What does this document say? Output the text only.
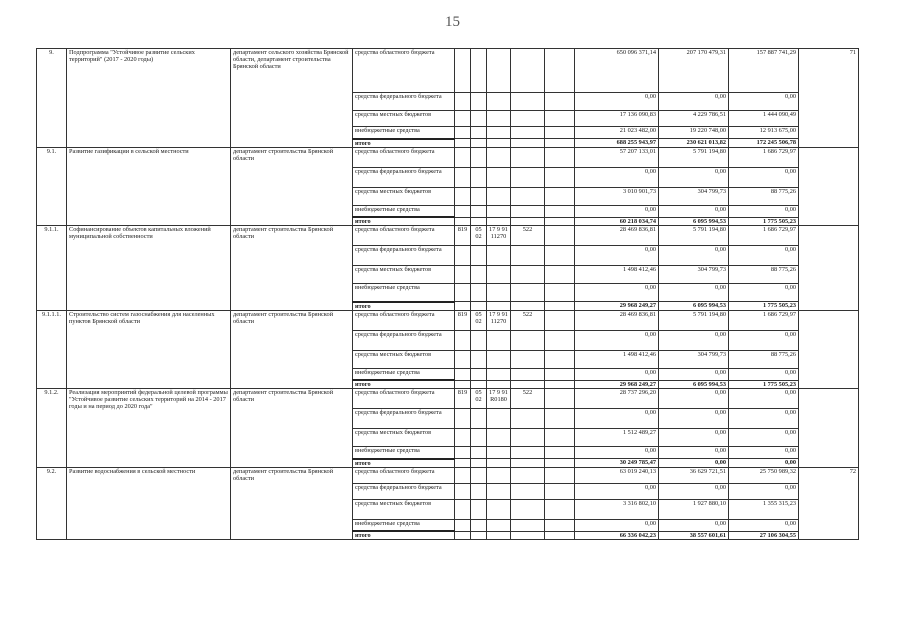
15
9.	Подпрограмма "Устойчивое развитие сельских территорий" (2017 - 2020 годы)	департамент сельского хозяйства Брянской области, департамент строительства Брянской области	средства областного бюджета						650 096 371,14	207 170 479,31	157 887 741,29	71
			средства федерального бюджета						0,00	0,00	0,00	
			средства местных бюджетов						17 136 090,83	4 229 786,51	1 444 090,49	
			внебюджетные средства						21 023 482,00	19 220 748,00	12 913 675,00	
			итого						688 255 943,97	230 621 013,82	172 245 506,78	
9.1.	Развитие газификации в сельской местности	департамент строительства Брянской области	средства областного бюджета						57 207 133,01	5 791 194,80	1 686 729,97	
			средства федерального бюджета						0,00	0,00	0,00	
			средства местных бюджетов						3 010 901,73	304 799,73	88 775,26	
			внебюджетные средства						0,00	0,00	0,00	
			итого						60 218 034,74	6 095 994,53	1 775 505,23	
9.1.1.	Софинансирование объектов капитальных вложений муниципальной собственности	департамент строительства Брянской области	средства областного бюджета	819	05 02	17 9 91 11270	522		28 469 836,81	5 791 194,80	1 686 729,97	
			средства федерального бюджета						0,00	0,00	0,00	
			средства местных бюджетов						1 498 412,46	304 799,73	88 775,26	
			внебюджетные средства						0,00	0,00	0,00	
			итого						29 968 249,27	6 095 994,53	1 775 505,23	
9.1.1.1.	Строительство систем газоснабжения для населенных пунктов Брянской области	департамент строительства Брянской области	средства областного бюджета	819	05 02	17 9 91 11270	522		28 469 836,81	5 791 194,80	1 686 729,97	
			средства федерального бюджета						0,00	0,00	0,00	
			средства местных бюджетов						1 498 412,46	304 799,73	88 775,26	
			внебюджетные средства						0,00	0,00	0,00	
			итого						29 968 249,27	6 095 994,53	1 775 505,23	
9.1.2.	Реализация мероприятий федеральной целевой программы "Устойчивое развитие сельских территорий на 2014 - 2017 годы и на период до 2020 года"	департамент строительства Брянской области	средства областного бюджета	819	05 02	17 9 91 R0180	522		28 737 296,20	0,00	0,00	
			средства федерального бюджета						0,00	0,00	0,00	
			средства местных бюджетов						1 512 489,27	0,00	0,00	
			внебюджетные средства						0,00	0,00	0,00	
			итого						30 249 785,47	0,00	0,00	
9.2.	Развитие водоснабжения в сельской местности	департамент строительства Брянской области	средства областного бюджета						63 019 240,13	36 629 721,51	25 750 989,32	72
			средства федерального бюджета						0,00	0,00	0,00	
			средства местных бюджетов						3 316 802,10	1 927 880,10	1 355 315,23	
			внебюджетные средства						0,00	0,00	0,00	
			итого						66 336 042,23	38 557 601,61	27 106 304,55	
